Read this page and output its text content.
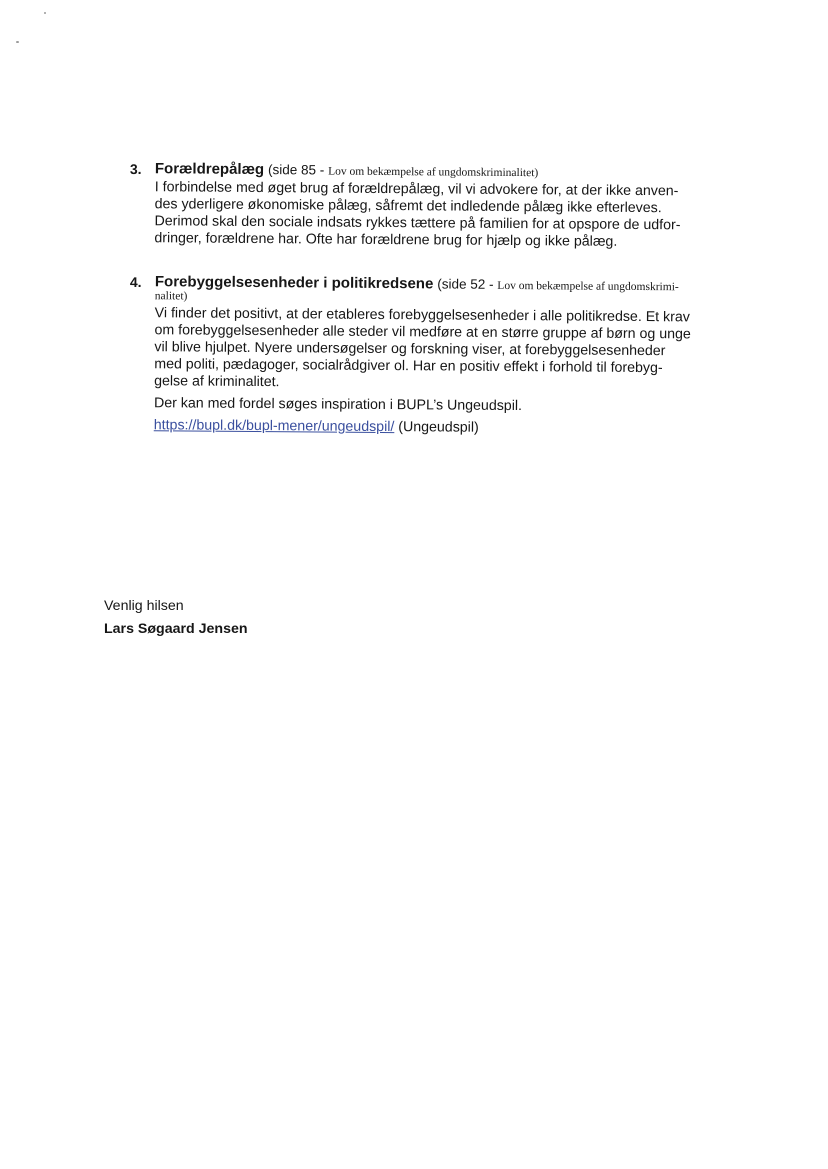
3. Forældrepålæg (side 85 - Lov om bekæmpelse af ungdomskriminalitet)

I forbindelse med øget brug af forældrepålæg, vil vi advokere for, at der ikke anven-
des yderligere økonomiske pålæg, såfremt det indledende pålæg ikke efterleves.
Derimod skal den sociale indsats rykkes tættere på familien for at opspore de udfor-
dringer, forældrene har. Ofte har forældrene brug for hjælp og ikke pålæg.
4. Forebyggelsesenheder i politikredsene (side 52 - Lov om bekæmpelse af ungdomskrimi-

nalitet)
Vi finder det positivt, at der etableres forebyggelsesenheder i alle politikredse. Et krav
om forebyggelsesenheder alle steder vil medføre at en større gruppe af børn og unge
vil blive hjulpet. Nyere undersøgelser og forskning viser, at forebyggelsesenheder
med politi, pædagoger, socialrådgiver ol. Har en positiv effekt i forhold til forebyg-
gelse af kriminalitet.
Der kan med fordel søges inspiration i BUPL’s Ungeudspil.
https://bupl.dk/bupl-mener/ungeudspil/ (Ungeudspil)
Venlig hilsen
Lars Søgaard Jensen
